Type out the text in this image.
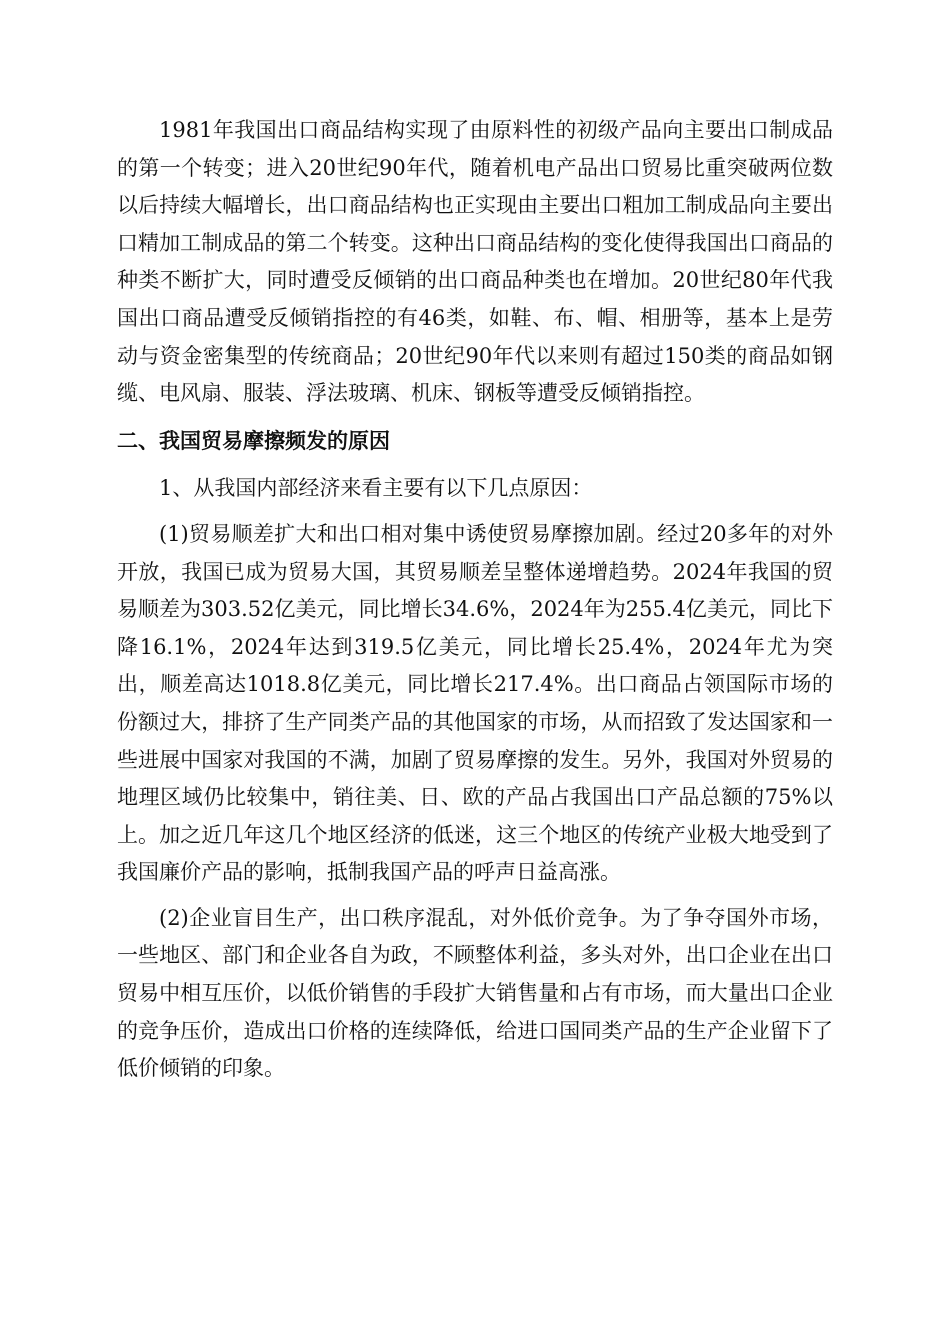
1981年我国出口商品结构实现了由原料性的初级产品向主要出口制成品的第一个转变；进入20世纪90年代，随着机电产品出口贸易比重突破两位数以后持续大幅增长，出口商品结构也正实现由主要出口粗加工制成品向主要出口精加工制成品的第二个转变。这种出口商品结构的变化使得我国出口商品的种类不断扩大，同时遭受反倾销的出口商品种类也在增加。20世纪80年代我国出口商品遭受反倾销指控的有46类，如鞋、布、帽、相册等，基本上是劳动与资金密集型的传统商品；20世纪90年代以来则有超过150类的商品如钢缆、电风扇、服装、浮法玻璃、机床、钢板等遭受反倾销指控。

二、我国贸易摩擦频发的原因

1、从我国内部经济来看主要有以下几点原因：

(1)贸易顺差扩大和出口相对集中诱使贸易摩擦加剧。经过20多年的对外开放，我国已成为贸易大国，其贸易顺差呈整体递增趋势。2024年我国的贸易顺差为303.52亿美元，同比增长34.6%，2024年为255.4亿美元，同比下降16.1%，2024年达到319.5亿美元，同比增长25.4%，2024年尤为突出，顺差高达1018.8亿美元，同比增长217.4%。出口商品占领国际市场的份额过大，排挤了生产同类产品的其他国家的市场，从而招致了发达国家和一些进展中国家对我国的不满，加剧了贸易摩擦的发生。另外，我国对外贸易的地理区域仍比较集中，销往美、日、欧的产品占我国出口产品总额的75%以上。加之近几年这几个地区经济的低迷，这三个地区的传统产业极大地受到了我国廉价产品的影响，抵制我国产品的呼声日益高涨。

(2)企业盲目生产，出口秩序混乱，对外低价竞争。为了争夺国外市场，一些地区、部门和企业各自为政，不顾整体利益，多头对外，出口企业在出口贸易中相互压价，以低价销售的手段扩大销售量和占有市场，而大量出口企业的竞争压价，造成出口价格的连续降低，给进口国同类产品的生产企业留下了低价倾销的印象。
